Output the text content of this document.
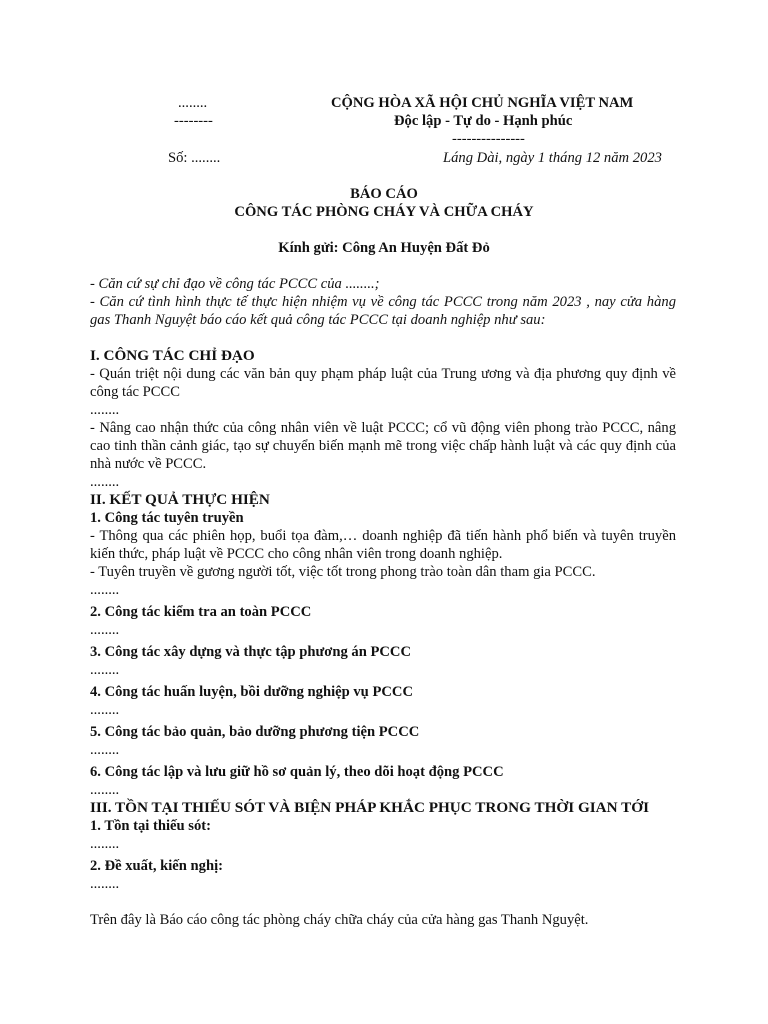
........
--------
Số: ........
CỘNG HÒA XÃ HỘI CHỦ NGHĨA VIỆT NAM
Độc lập - Tự do - Hạnh phúc
---------------
Láng Dài, ngày 1 tháng 12 năm 2023
BÁO CÁO
CÔNG TÁC PHÒNG CHÁY VÀ CHỮA CHÁY
Kính gửi: Công An Huyện Đất Đỏ

- Căn cứ sự chỉ đạo về công tác PCCC của ........;

- Căn cứ tình hình thực tế thực hiện nhiệm vụ về công tác PCCC trong năm 2023 , nay cửa hàng gas Thanh Nguyệt báo cáo kết quả công tác PCCC tại doanh nghiệp như sau:

I. CÔNG TÁC CHỈ ĐẠO

- Quán triệt nội dung các văn bản quy phạm pháp luật của Trung ương và địa phương quy định về công tác PCCC

........

- Nâng cao nhận thức của công nhân viên về luật PCCC; cổ vũ động viên phong trào PCCC, nâng cao tinh thần cảnh giác, tạo sự chuyển biến mạnh mẽ trong việc chấp hành luật và các quy định của nhà nước về PCCC.

........

II. KẾT QUẢ THỰC HIỆN

1. Công tác tuyên truyền

- Thông qua các phiên họp, buổi tọa đàm,… doanh nghiệp đã tiến hành phổ biến và tuyên truyền kiến thức, pháp luật về PCCC cho công nhân viên trong doanh nghiệp.

- Tuyên truyền về gương người tốt, việc tốt trong phong trào toàn dân tham gia PCCC.

........

2. Công tác kiểm tra an toàn PCCC

........

3. Công tác xây dựng và thực tập phương án PCCC

........

4. Công tác huấn luyện, bồi dưỡng nghiệp vụ PCCC

........

5. Công tác bảo quản, bảo dưỡng phương tiện PCCC

........

6. Công tác lập và lưu giữ hồ sơ quản lý, theo dõi hoạt động PCCC

........

III. TỒN TẠI THIẾU SÓT VÀ BIỆN PHÁP KHẮC PHỤC TRONG THỜI GIAN TỚI

1. Tồn tại thiếu sót:

........

2. Đề xuất, kiến nghị:

........

Trên đây là Báo cáo công tác phòng cháy chữa cháy của cửa hàng gas Thanh Nguyệt.
